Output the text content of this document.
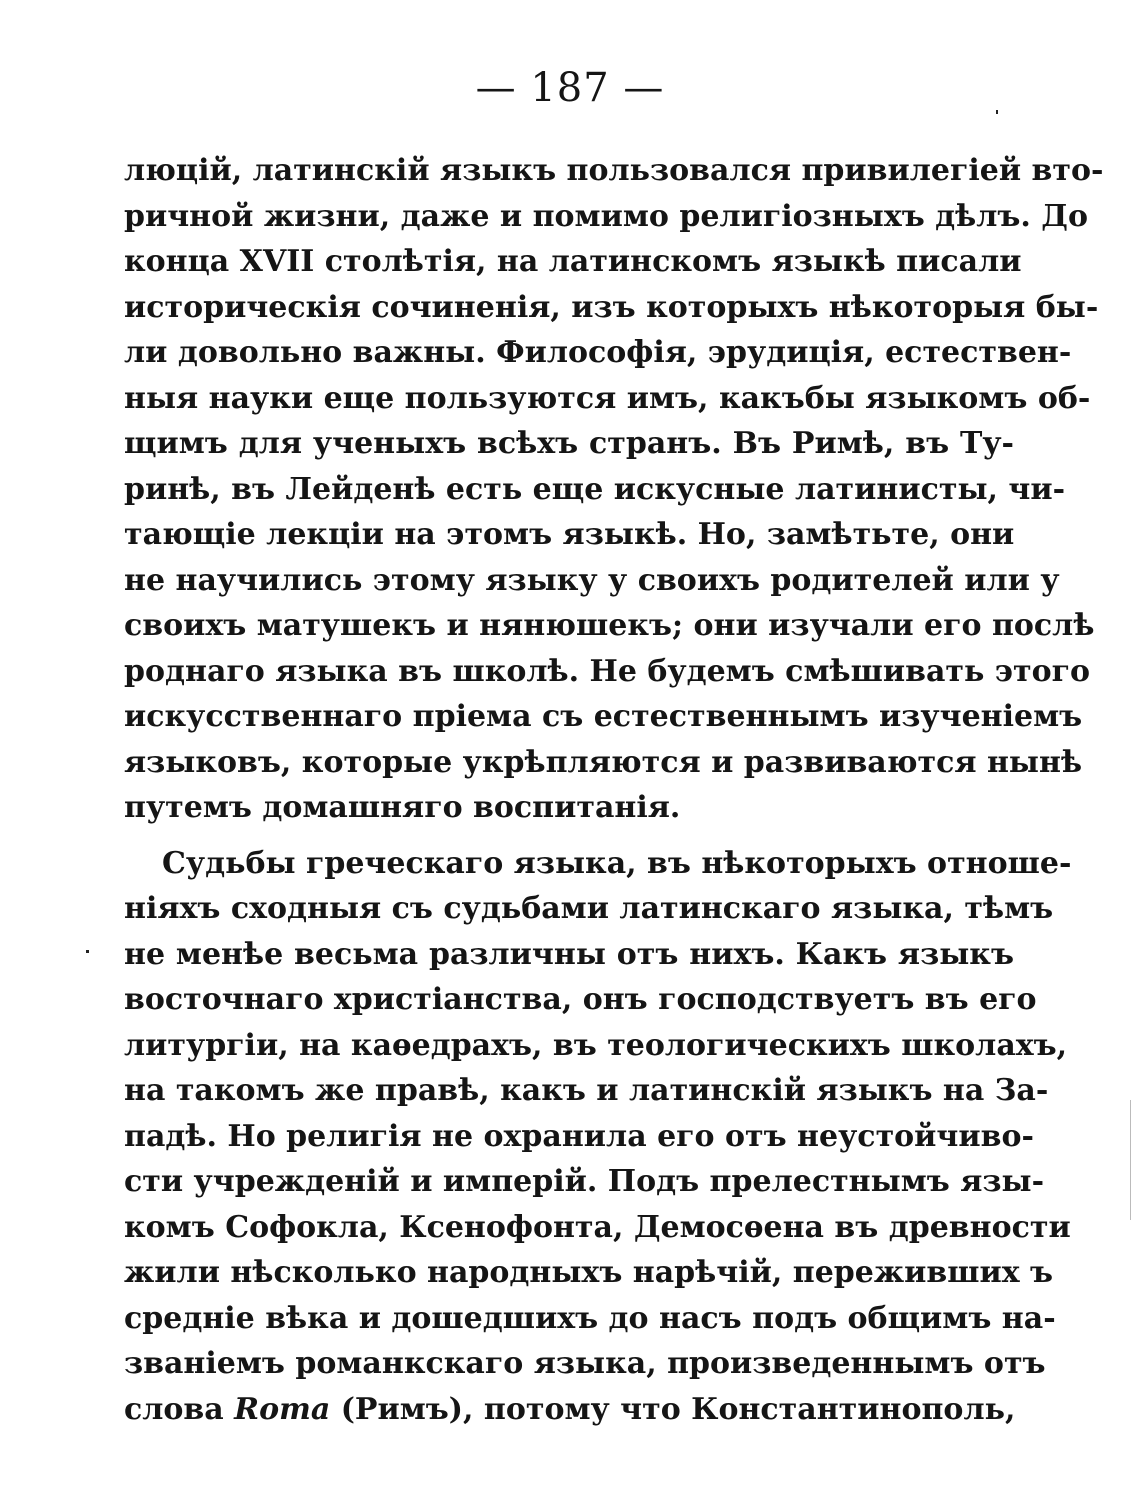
— 187 —
люцій, латинскій языкъ пользовался привилегіей вто-
ричной жизни, даже и помимо религіозныхъ дѣлъ. До
конца XVII столѣтія, на латинскомъ языкѣ писали
историческія сочиненія, изъ которыхъ нѣкоторыя бы-
ли довольно важны. Философія, эрудиція, естествен-
ныя науки еще пользуются имъ, какъбы языкомъ об-
щимъ для ученыхъ всѣхъ странъ. Въ Римѣ, въ Ту-
ринѣ, въ Лейденѣ есть еще искусные латинисты, чи-
тающіе лекціи на этомъ языкѣ. Но, замѣтьте, они
не научились этому языку у своихъ родителей или у
своихъ матушекъ и нянюшекъ; они изучали его послѣ
роднаго языка въ школѣ. Не будемъ смѣшивать этого
искусственнаго пріема съ естественнымъ изученіемъ
языковъ, которые укрѣпляются и развиваются нынѣ
путемъ домашняго воспитанія.
Судьбы греческаго языка, въ нѣкоторыхъ отноше-
ніяхъ сходныя съ судьбами латинскаго языка, тѣмъ
не менѣе весьма различны отъ нихъ. Какъ языкъ
восточнаго христіанства, онъ господствуетъ въ его
литургіи, на каѳедрахъ, въ теологическихъ школахъ,
на такомъ же правѣ, какъ и латинскій языкъ на За-
падѣ. Но религія не охранила его отъ неустойчиво-
сти учрежденій и имперій. Подъ прелестнымъ язы-
комъ Софокла, Ксенофонта, Демосѳена въ древности
жили нѣсколько народныхъ нарѣчій, переживших ъ
средніе вѣка и дошедшихъ до насъ подъ общимъ на-
званіемъ романкскаго языка, произведеннымъ отъ
слова Roma (Римъ), потому что Константинополь,
